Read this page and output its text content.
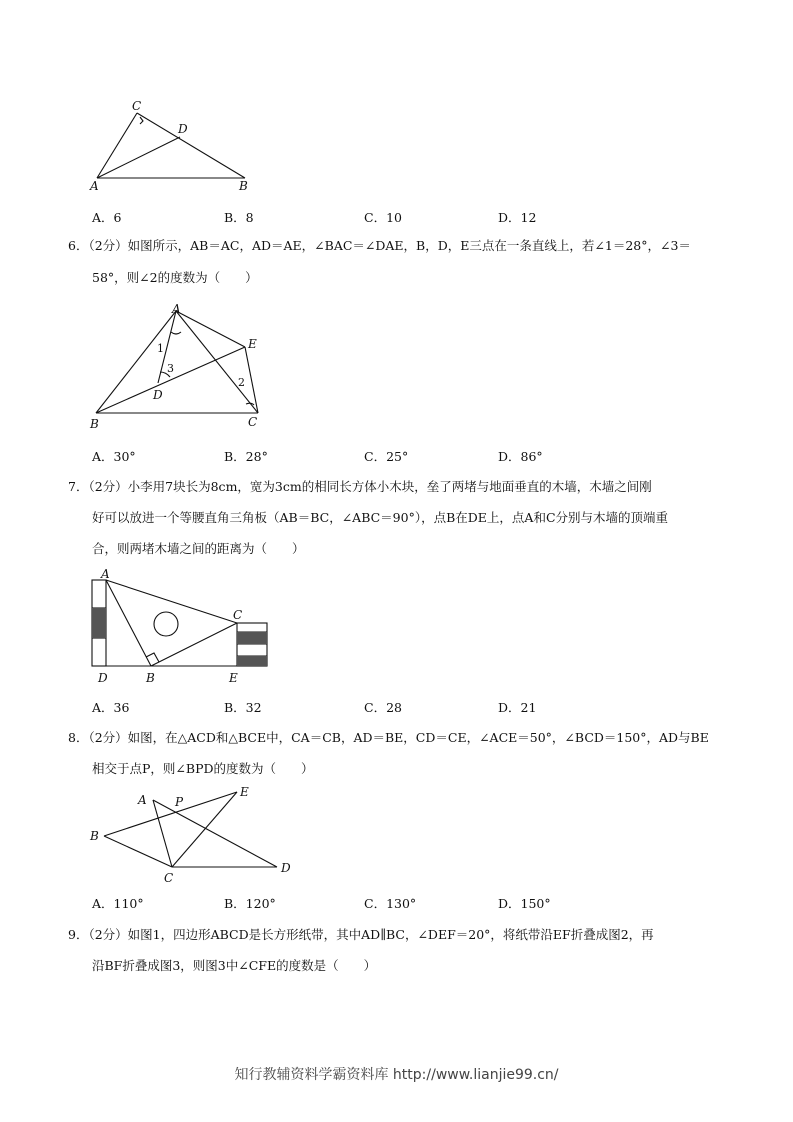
C
D
A	B
A．6	B．8	C．10	D．12
6．（2分）如图所示，AB＝AC，AD＝AE，∠BAC＝∠DAE，B，D，E三点在一条直线上，若∠1＝28°，∠3＝
58°，则∠2的度数为（　　）
A
E
B	C
D
1
3
2
A．30°	B．28°	C．25°	D．86°
7．（2分）小李用7块长为8cm，宽为3cm的相同长方体小木块，垒了两堵与地面垂直的木墙，木墙之间刚
好可以放进一个等腰直角三角板（AB＝BC，∠ABC＝90°），点B在DE上，点A和C分别与木墙的顶端重
合，则两堵木墙之间的距离为（　　）
A
C
D	B	E
A．36	B．32	C．28	D．21
8．（2分）如图，在△ACD和△BCE中，CA＝CB，AD＝BE，CD＝CE，∠ACE＝50°，∠BCD＝150°，AD与BE
相交于点P，则∠BPD的度数为（　　）
A P
E
B
D
C
A．110°	B．120°	C．130°	D．150°
9．（2分）如图1，四边形ABCD是长方形纸带，其中AD∥BC，∠DEF＝20°，将纸带沿EF折叠成图2，再
沿BF折叠成图3，则图3中∠CFE的度数是（　　）
知行教辅资料学霸资料库 http://www.lianjie99.cn/
